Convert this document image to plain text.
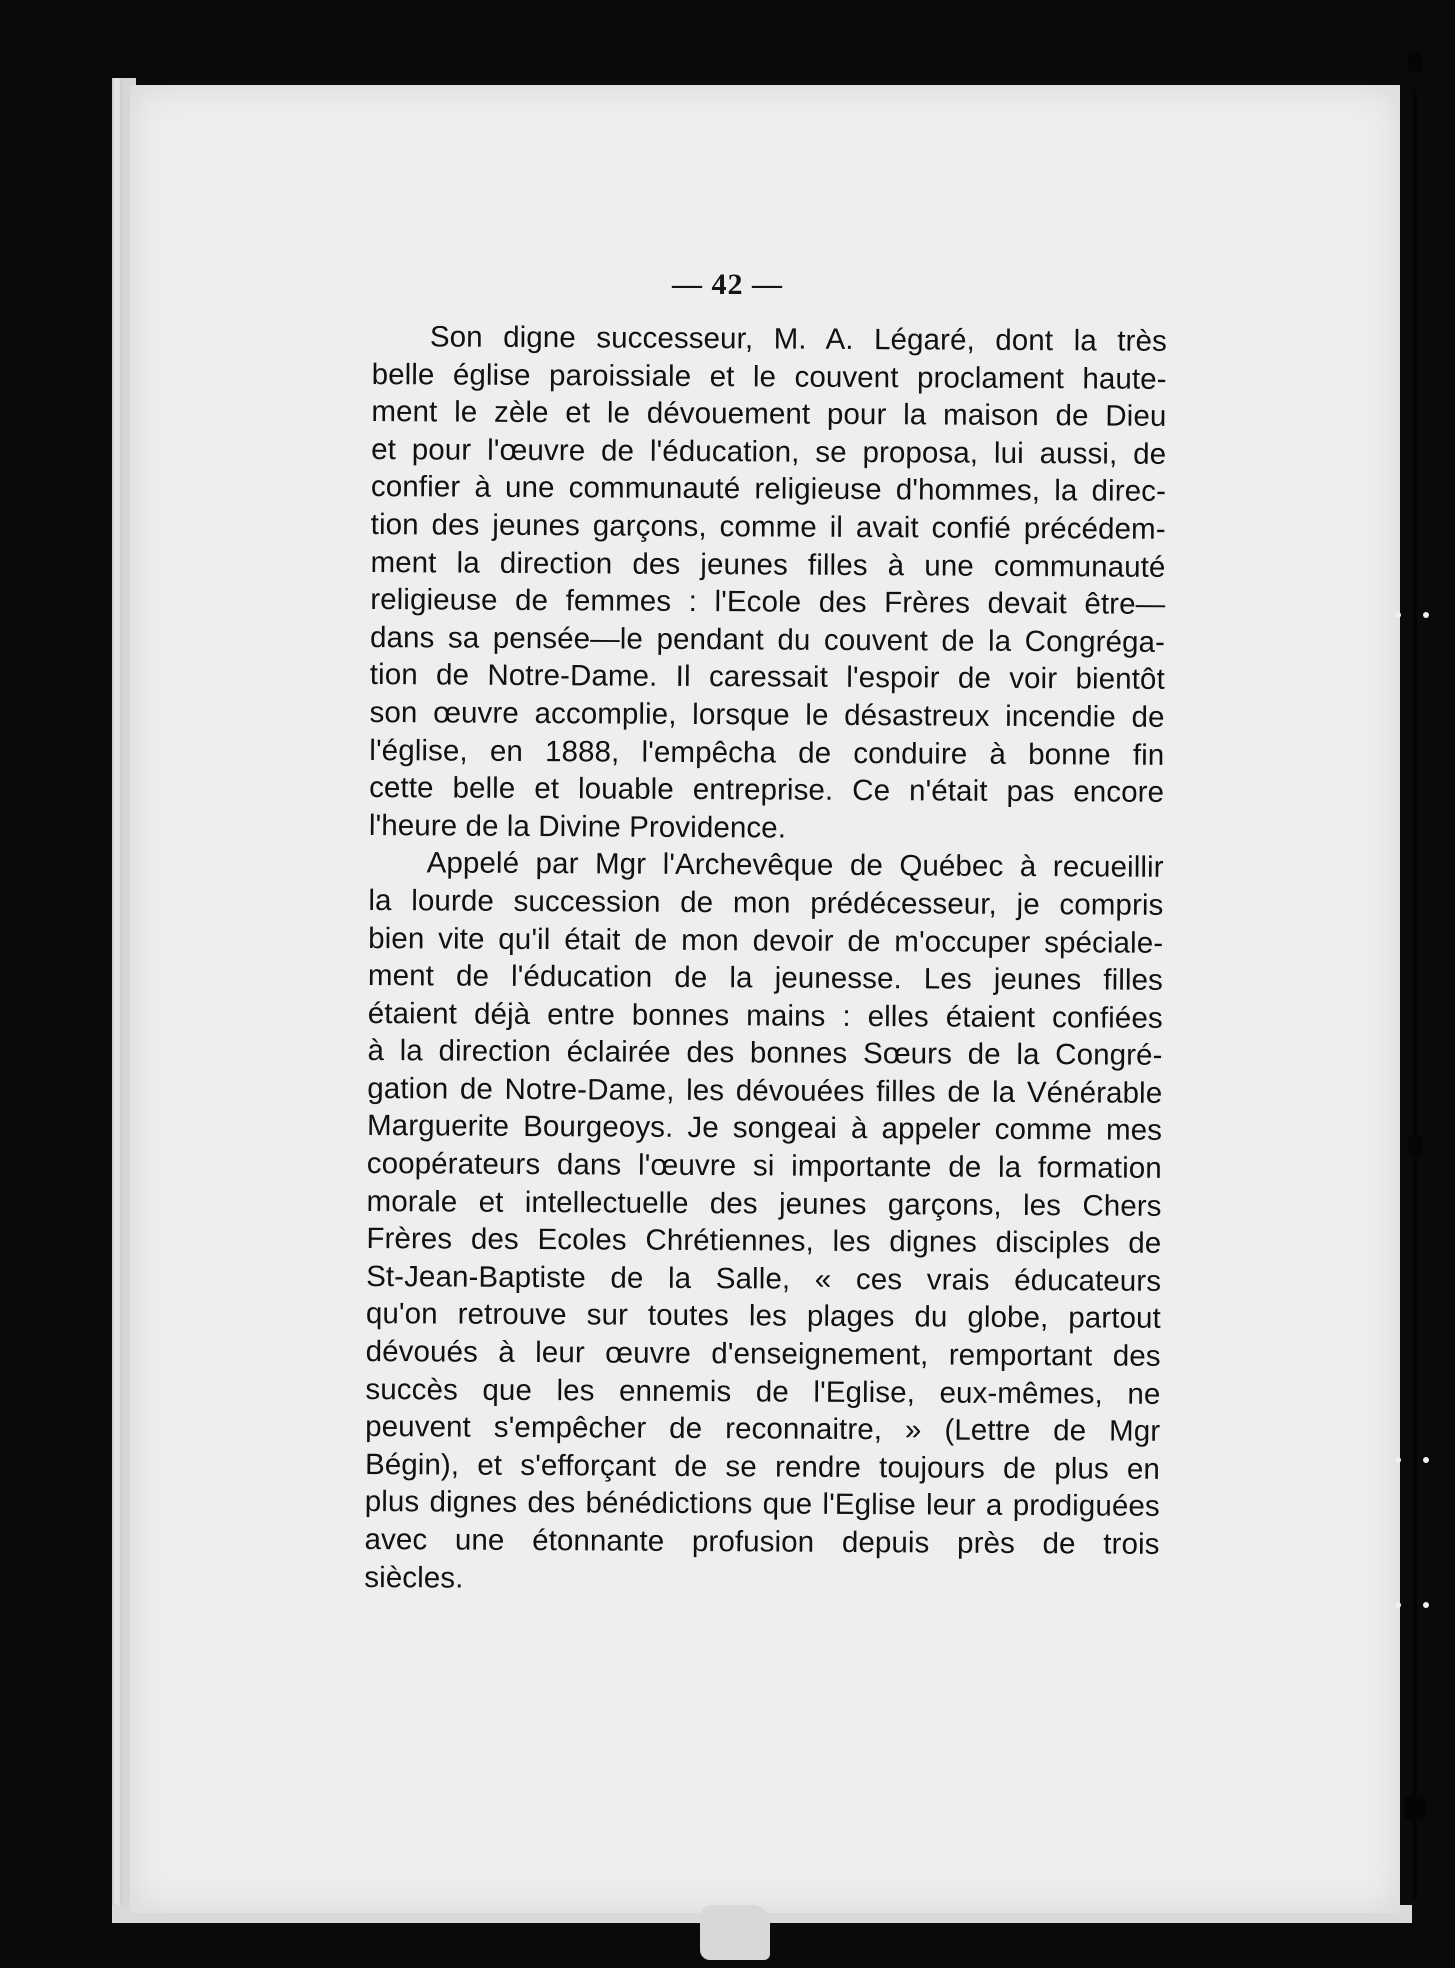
— 42 —

Son digne successeur, M. A. Légaré, dont la très
belle église paroissiale et le couvent proclament haute-
ment le zèle et le dévouement pour la maison de Dieu
et pour l'œuvre de l'éducation, se proposa, lui aussi, de
confier à une communauté religieuse d'hommes, la direc-
tion des jeunes garçons, comme il avait confié précédem-
ment la direction des jeunes filles à une communauté
religieuse de femmes : l'Ecole des Frères devait être—
dans sa pensée—le pendant du couvent de la Congréga-
tion de Notre-Dame. Il caressait l'espoir de voir bientôt
son œuvre accomplie, lorsque le désastreux incendie de
l'église, en 1888, l'empêcha de conduire à bonne fin
cette belle et louable entreprise. Ce n'était pas encore
l'heure de la Divine Providence.

Appelé par Mgr l'Archevêque de Québec à recueillir
la lourde succession de mon prédécesseur, je compris
bien vite qu'il était de mon devoir de m'occuper spéciale-
ment de l'éducation de la jeunesse. Les jeunes filles
étaient déjà entre bonnes mains : elles étaient confiées
à la direction éclairée des bonnes Sœurs de la Congré-
gation de Notre-Dame, les dévouées filles de la Vénérable
Marguerite Bourgeoys. Je songeai à appeler comme mes
coopérateurs dans l'œuvre si importante de la formation
morale et intellectuelle des jeunes garçons, les Chers
Frères des Ecoles Chrétiennes, les dignes disciples de
St-Jean-Baptiste de la Salle, « ces vrais éducateurs
qu'on retrouve sur toutes les plages du globe, partout
dévoués à leur œuvre d'enseignement, remportant des
succès que les ennemis de l'Eglise, eux-mêmes, ne
peuvent s'empêcher de reconnaitre, » (Lettre de Mgr
Bégin), et s'efforçant de se rendre toujours de plus en
plus dignes des bénédictions que l'Eglise leur a prodiguées
avec une étonnante profusion depuis près de trois
siècles.
